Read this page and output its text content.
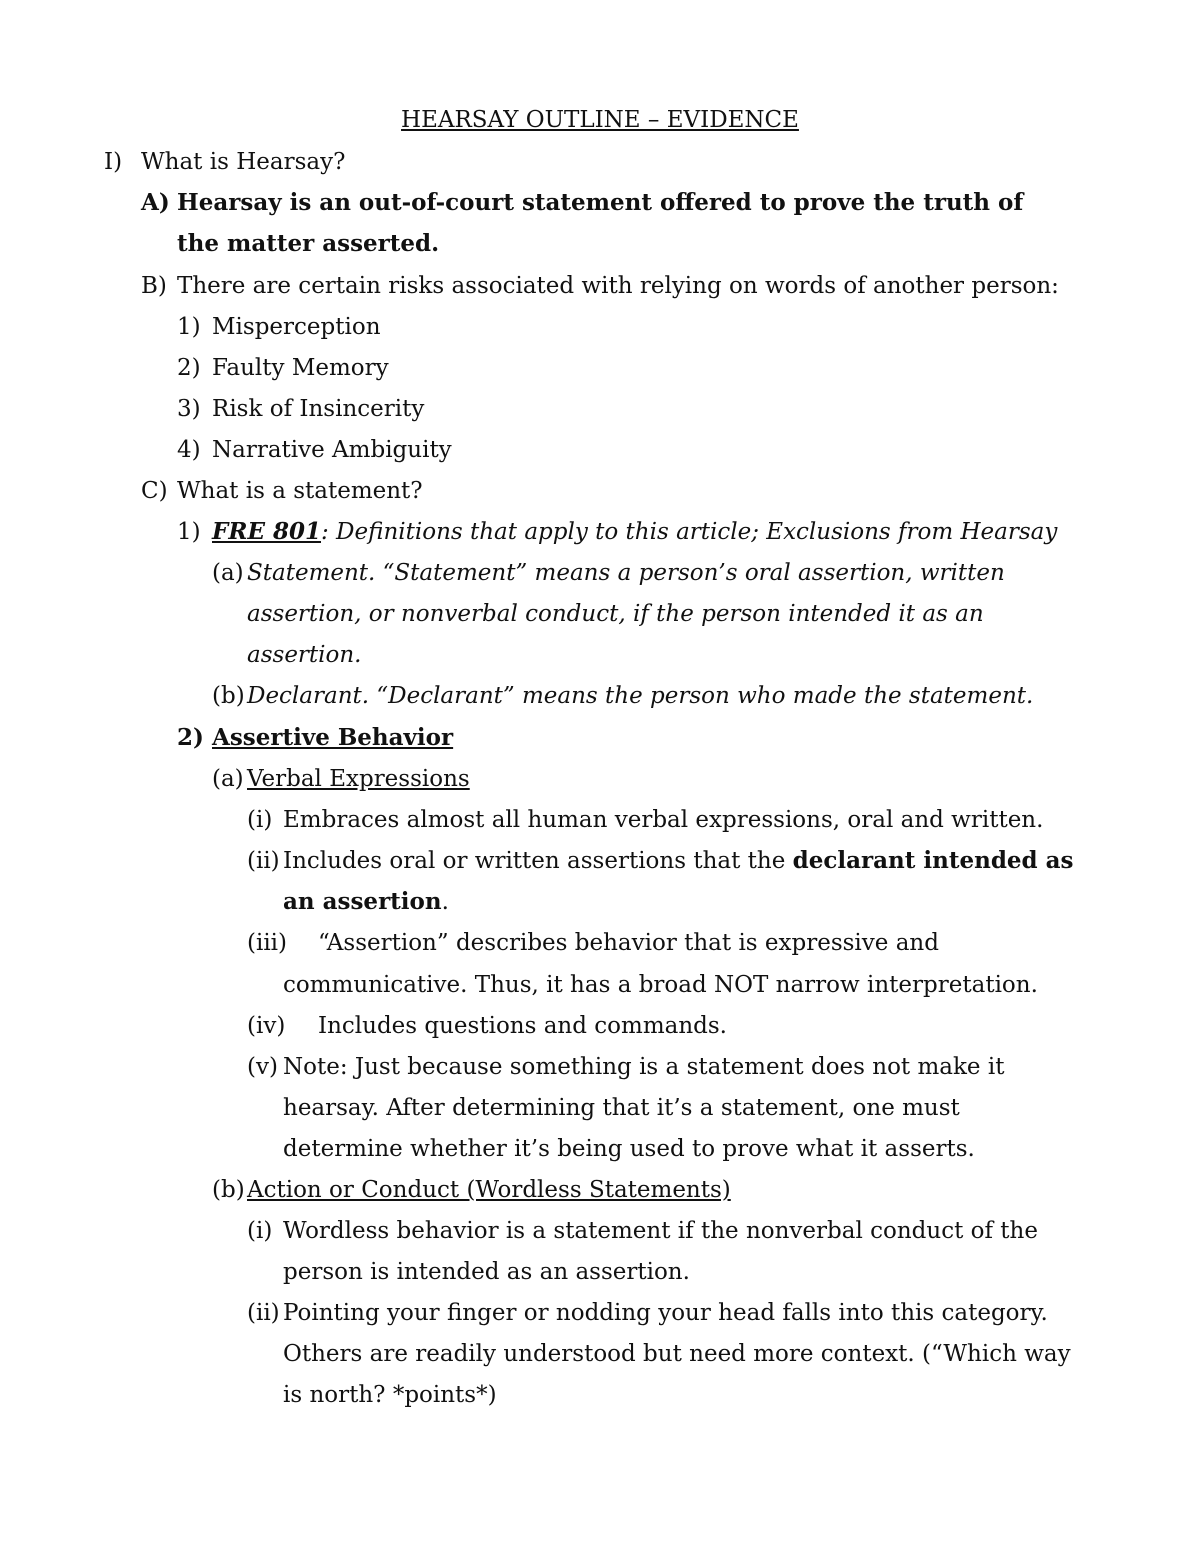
HEARSAY OUTLINE – EVIDENCE
I) What is Hearsay?
A) Hearsay is an out-of-court statement offered to prove the truth of
the matter asserted.
B) There are certain risks associated with relying on words of another person:
1) Misperception
2) Faulty Memory
3) Risk of Insincerity
4) Narrative Ambiguity
C) What is a statement?
1) FRE 801: Definitions that apply to this article; Exclusions from Hearsay
(a) Statement. “Statement” means a person’s oral assertion, written
assertion, or nonverbal conduct, if the person intended it as an
assertion.
(b) Declarant. “Declarant” means the person who made the statement.
2) Assertive Behavior
(a) Verbal Expressions
(i) Embraces almost all human verbal expressions, oral and written.
(ii) Includes oral or written assertions that the declarant intended as
an assertion.
(iii) “Assertion” describes behavior that is expressive and
communicative. Thus, it has a broad NOT narrow interpretation.
(iv) Includes questions and commands.
(v) Note: Just because something is a statement does not make it
hearsay. After determining that it’s a statement, one must
determine whether it’s being used to prove what it asserts.
(b) Action or Conduct (Wordless Statements)
(i) Wordless behavior is a statement if the nonverbal conduct of the
person is intended as an assertion.
(ii) Pointing your finger or nodding your head falls into this category.
Others are readily understood but need more context. (“Which way
is north? *points*)
